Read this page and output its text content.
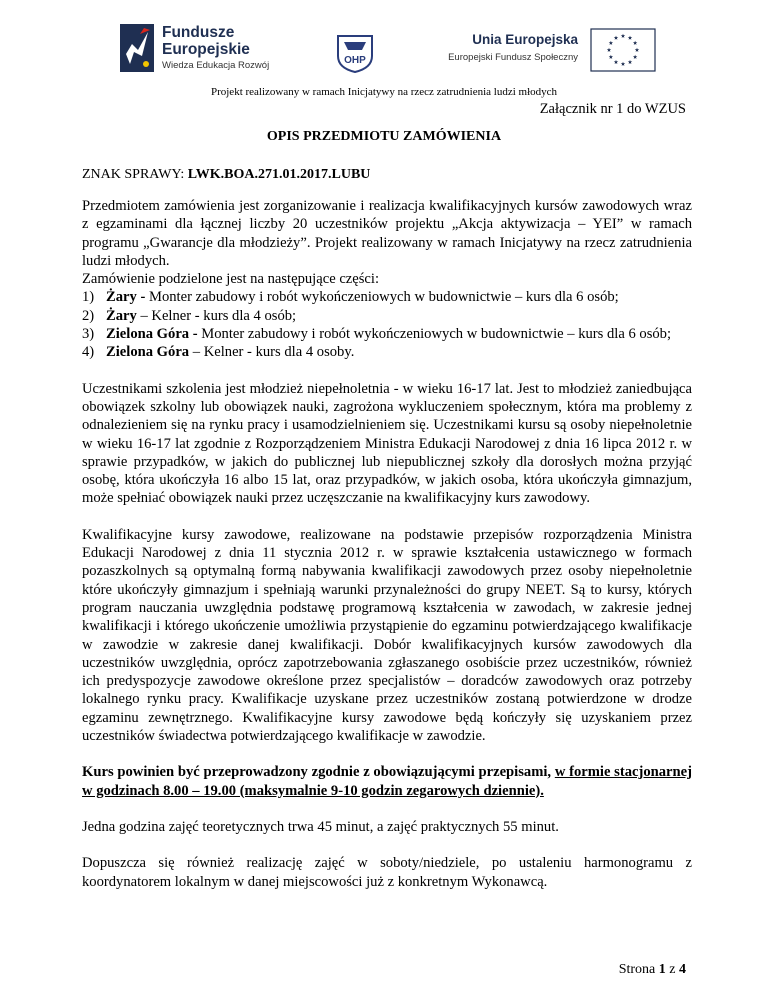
Fundusze
Europejskie
Wiedza Edukacja Rozwój	OHP
Unia Europejska
Europejski Fundusz Społeczny
Projekt realizowany w ramach Inicjatywy na rzecz zatrudnienia ludzi młodych
Załącznik nr 1 do WZUS
OPIS PRZEDMIOTU ZAMÓWIENIA
ZNAK SPRAWY: LWK.BOA.271.01.2017.LUBU

Przedmiotem zamówienia jest zorganizowanie i realizacja kwalifikacyjnych kursów zawodowych wraz z egzaminami dla łącznej liczby 20 uczestników projektu „Akcja aktywizacja – YEI” w ramach programu „Gwarancje dla młodzieży”. Projekt realizowany w ramach Inicjatywy na rzecz zatrudnienia ludzi młodych.

Zamówienie podzielone jest na następujące części:

1) Żary - Monter zabudowy i robót wykończeniowych w budownictwie – kurs dla 6 osób;
2) Żary – Kelner - kurs dla 4 osób;
3) Zielona Góra - Monter zabudowy i robót wykończeniowych w budownictwie – kurs dla 6 osób;
4) Zielona Góra – Kelner - kurs dla 4 osoby.

Uczestnikami szkolenia jest młodzież niepełnoletnia - w wieku 16-17 lat. Jest to młodzież zaniedbująca obowiązek szkolny lub obowiązek nauki, zagrożona wykluczeniem społecznym, która ma problemy z odnalezieniem się na rynku pracy i usamodzielnieniem się. Uczestnikami kursu są osoby niepełnoletnie w wieku 16-17 lat zgodnie z Rozporządzeniem Ministra Edukacji Narodowej z dnia 16 lipca 2012 r. w sprawie przypadków, w jakich do publicznej lub niepublicznej szkoły dla dorosłych można przyjąć osobę, która ukończyła 16 albo 15 lat, oraz przypadków, w jakich osoba, która ukończyła gimnazjum, może spełniać obowiązek nauki przez uczęszczanie na kwalifikacyjny kurs zawodowy.

Kwalifikacyjne kursy zawodowe, realizowane na podstawie przepisów rozporządzenia Ministra Edukacji Narodowej z dnia 11 stycznia 2012 r. w sprawie kształcenia ustawicznego w formach pozaszkolnych są optymalną formą nabywania kwalifikacji zawodowych przez osoby niepełnoletnie które ukończyły gimnazjum i spełniają warunki przynależności do grupy NEET. Są to kursy, których program nauczania uwzględnia podstawę programową kształcenia w zawodach, w zakresie jednej kwalifikacji i którego ukończenie umożliwia przystąpienie do egzaminu potwierdzającego kwalifikacje w zawodzie w zakresie danej kwalifikacji. Dobór kwalifikacyjnych kursów zawodowych dla uczestników uwzględnia, oprócz zapotrzebowania zgłaszanego osobiście przez uczestników, również ich predyspozycje zawodowe określone przez specjalistów – doradców zawodowych oraz potrzeby lokalnego rynku pracy. Kwalifikacje uzyskane przez uczestników zostaną potwierdzone w drodze egzaminu zewnętrznego. Kwalifikacyjne kursy zawodowe będą kończyły się uzyskaniem przez uczestników świadectwa potwierdzającego kwalifikacje w zawodzie.

Kurs powinien być przeprowadzony zgodnie z obowiązującymi przepisami, w formie stacjonarnej w godzinach 8.00 – 19.00 (maksymalnie 9-10 godzin zegarowych dziennie).

Jedna godzina zajęć teoretycznych trwa 45 minut, a zajęć praktycznych 55 minut.

Dopuszcza się również realizację zajęć w soboty/niedziele, po ustaleniu harmonogramu z koordynatorem lokalnym w danej miejscowości już z konkretnym Wykonawcą.

Strona 1 z 4
